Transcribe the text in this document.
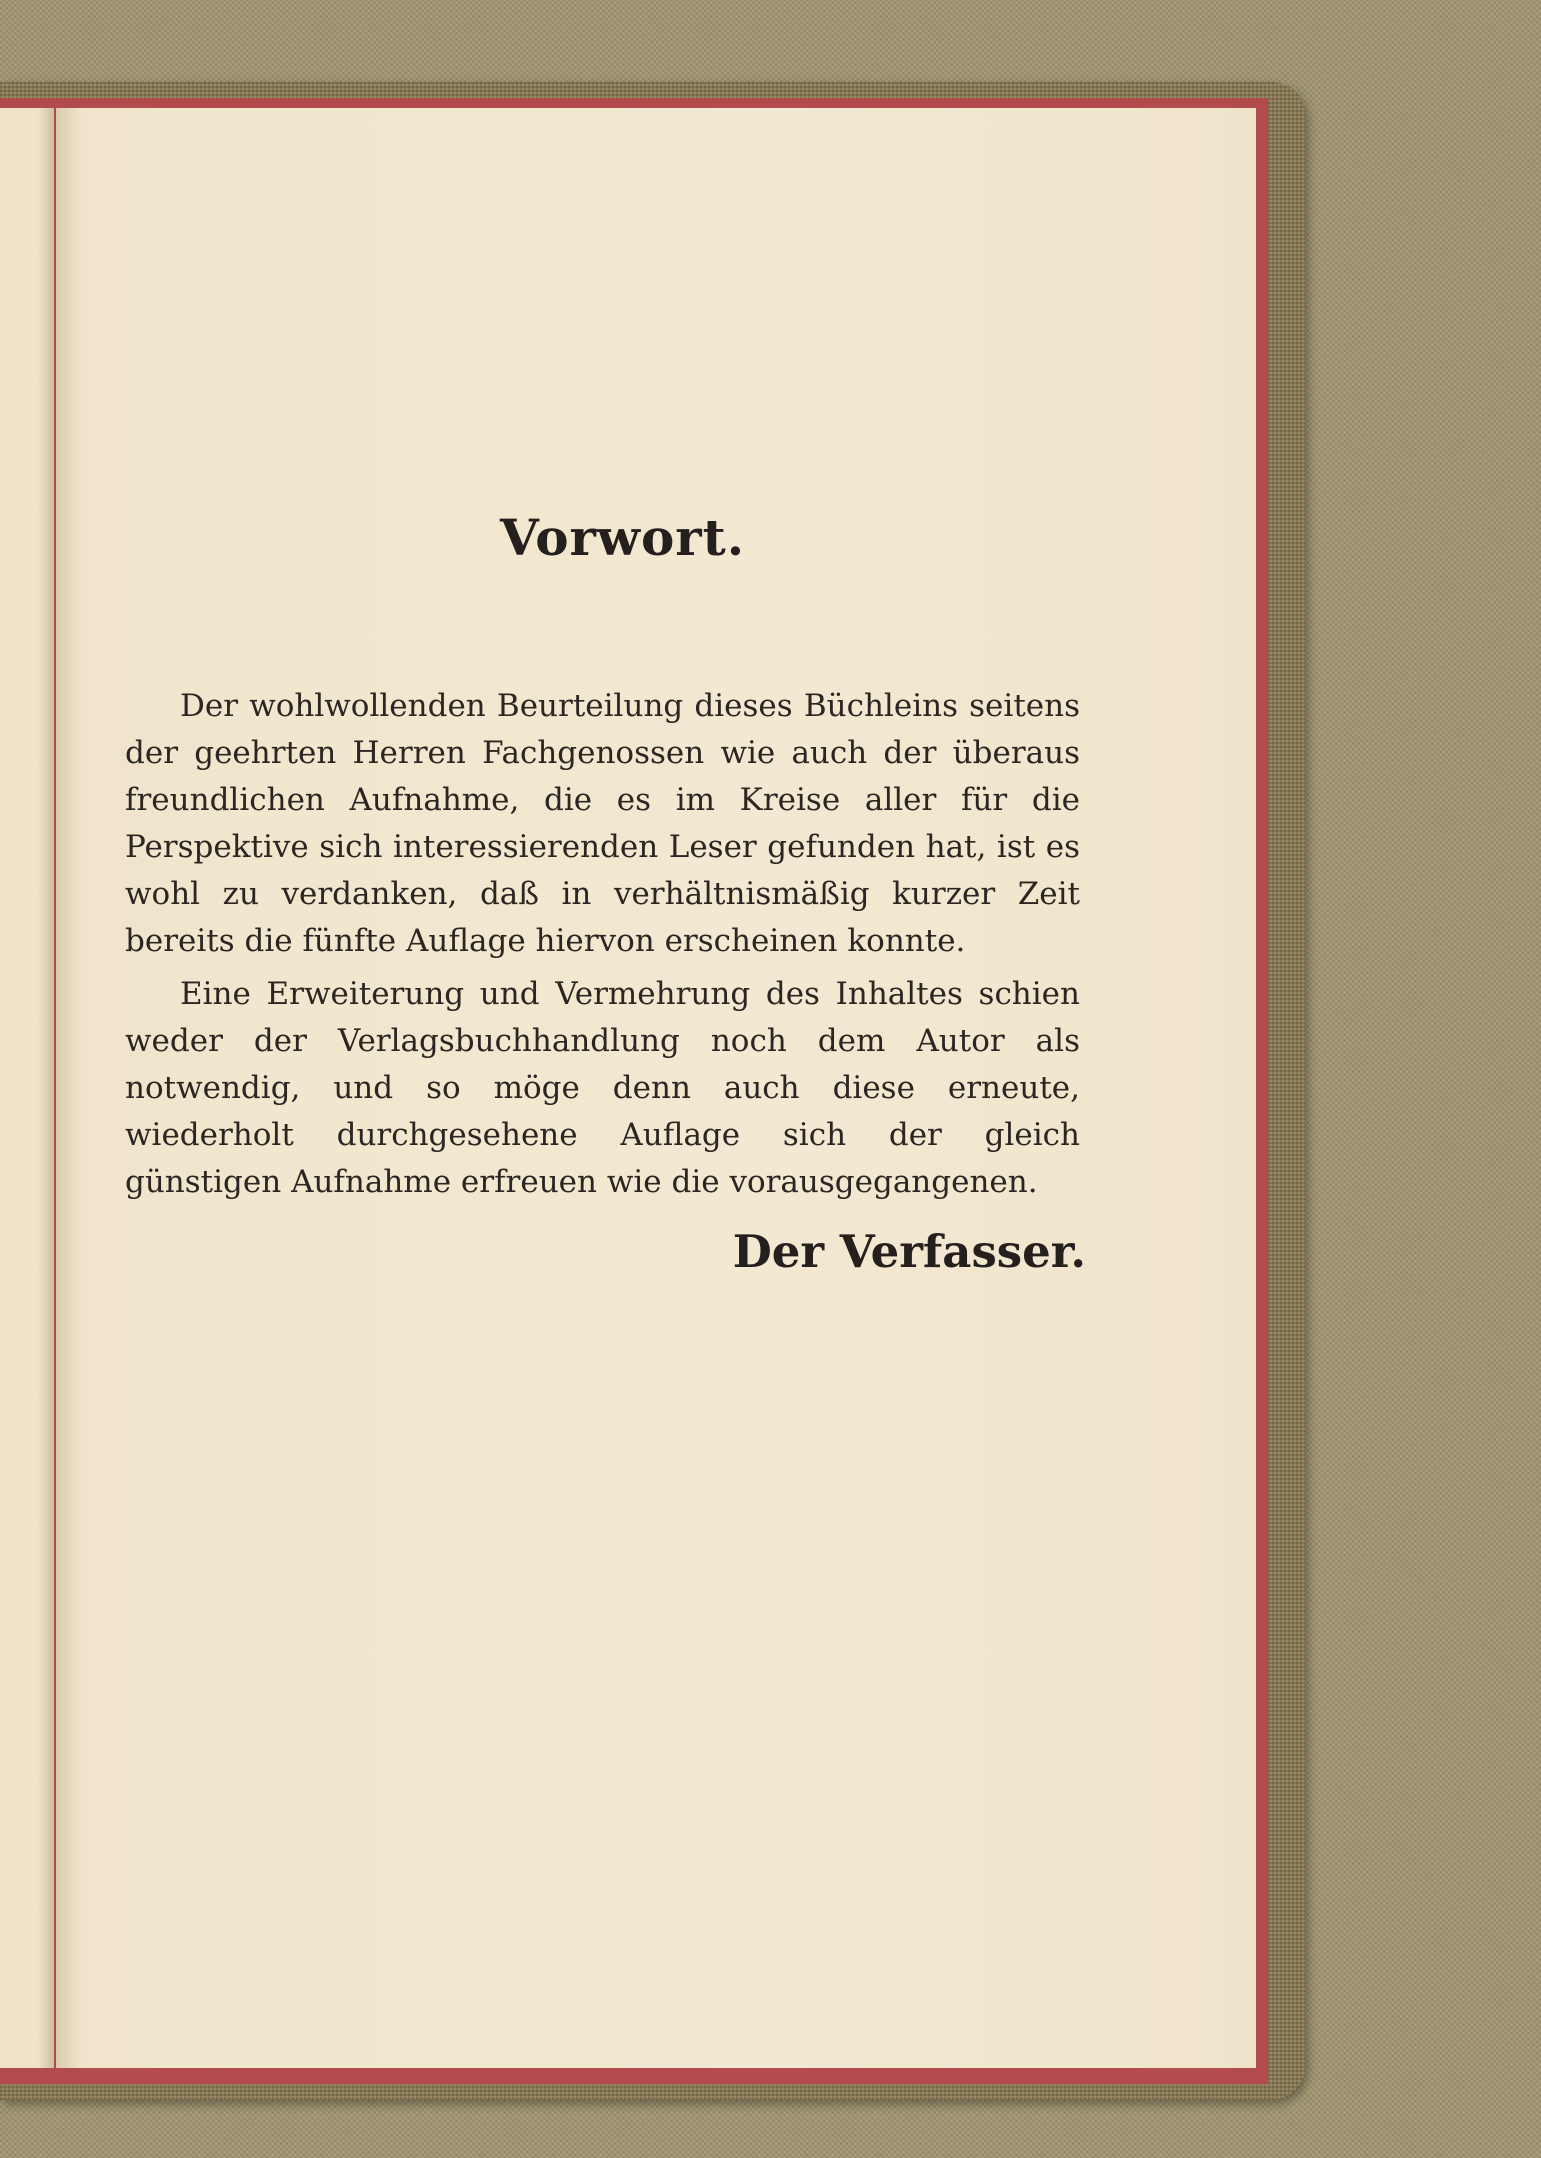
Vorwort.

Der wohlwollenden Beurteilung dieses Büchleins seitens der geehrten Herren Fachgenossen wie auch der überaus freundlichen Aufnahme, die es im Kreise aller für die Perspektive sich interessierenden Leser gefunden hat, ist es wohl zu verdanken, daß in verhältnismäßig kurzer Zeit bereits die fünfte Auflage hiervon erscheinen konnte.

Eine Erweiterung und Vermehrung des Inhaltes schien weder der Verlagsbuchhandlung noch dem Autor als notwendig, und so möge denn auch diese erneute, wiederholt durchgesehene Auflage sich der gleich günstigen Aufnahme erfreuen wie die vorausgegangenen.

Der Verfasser.
